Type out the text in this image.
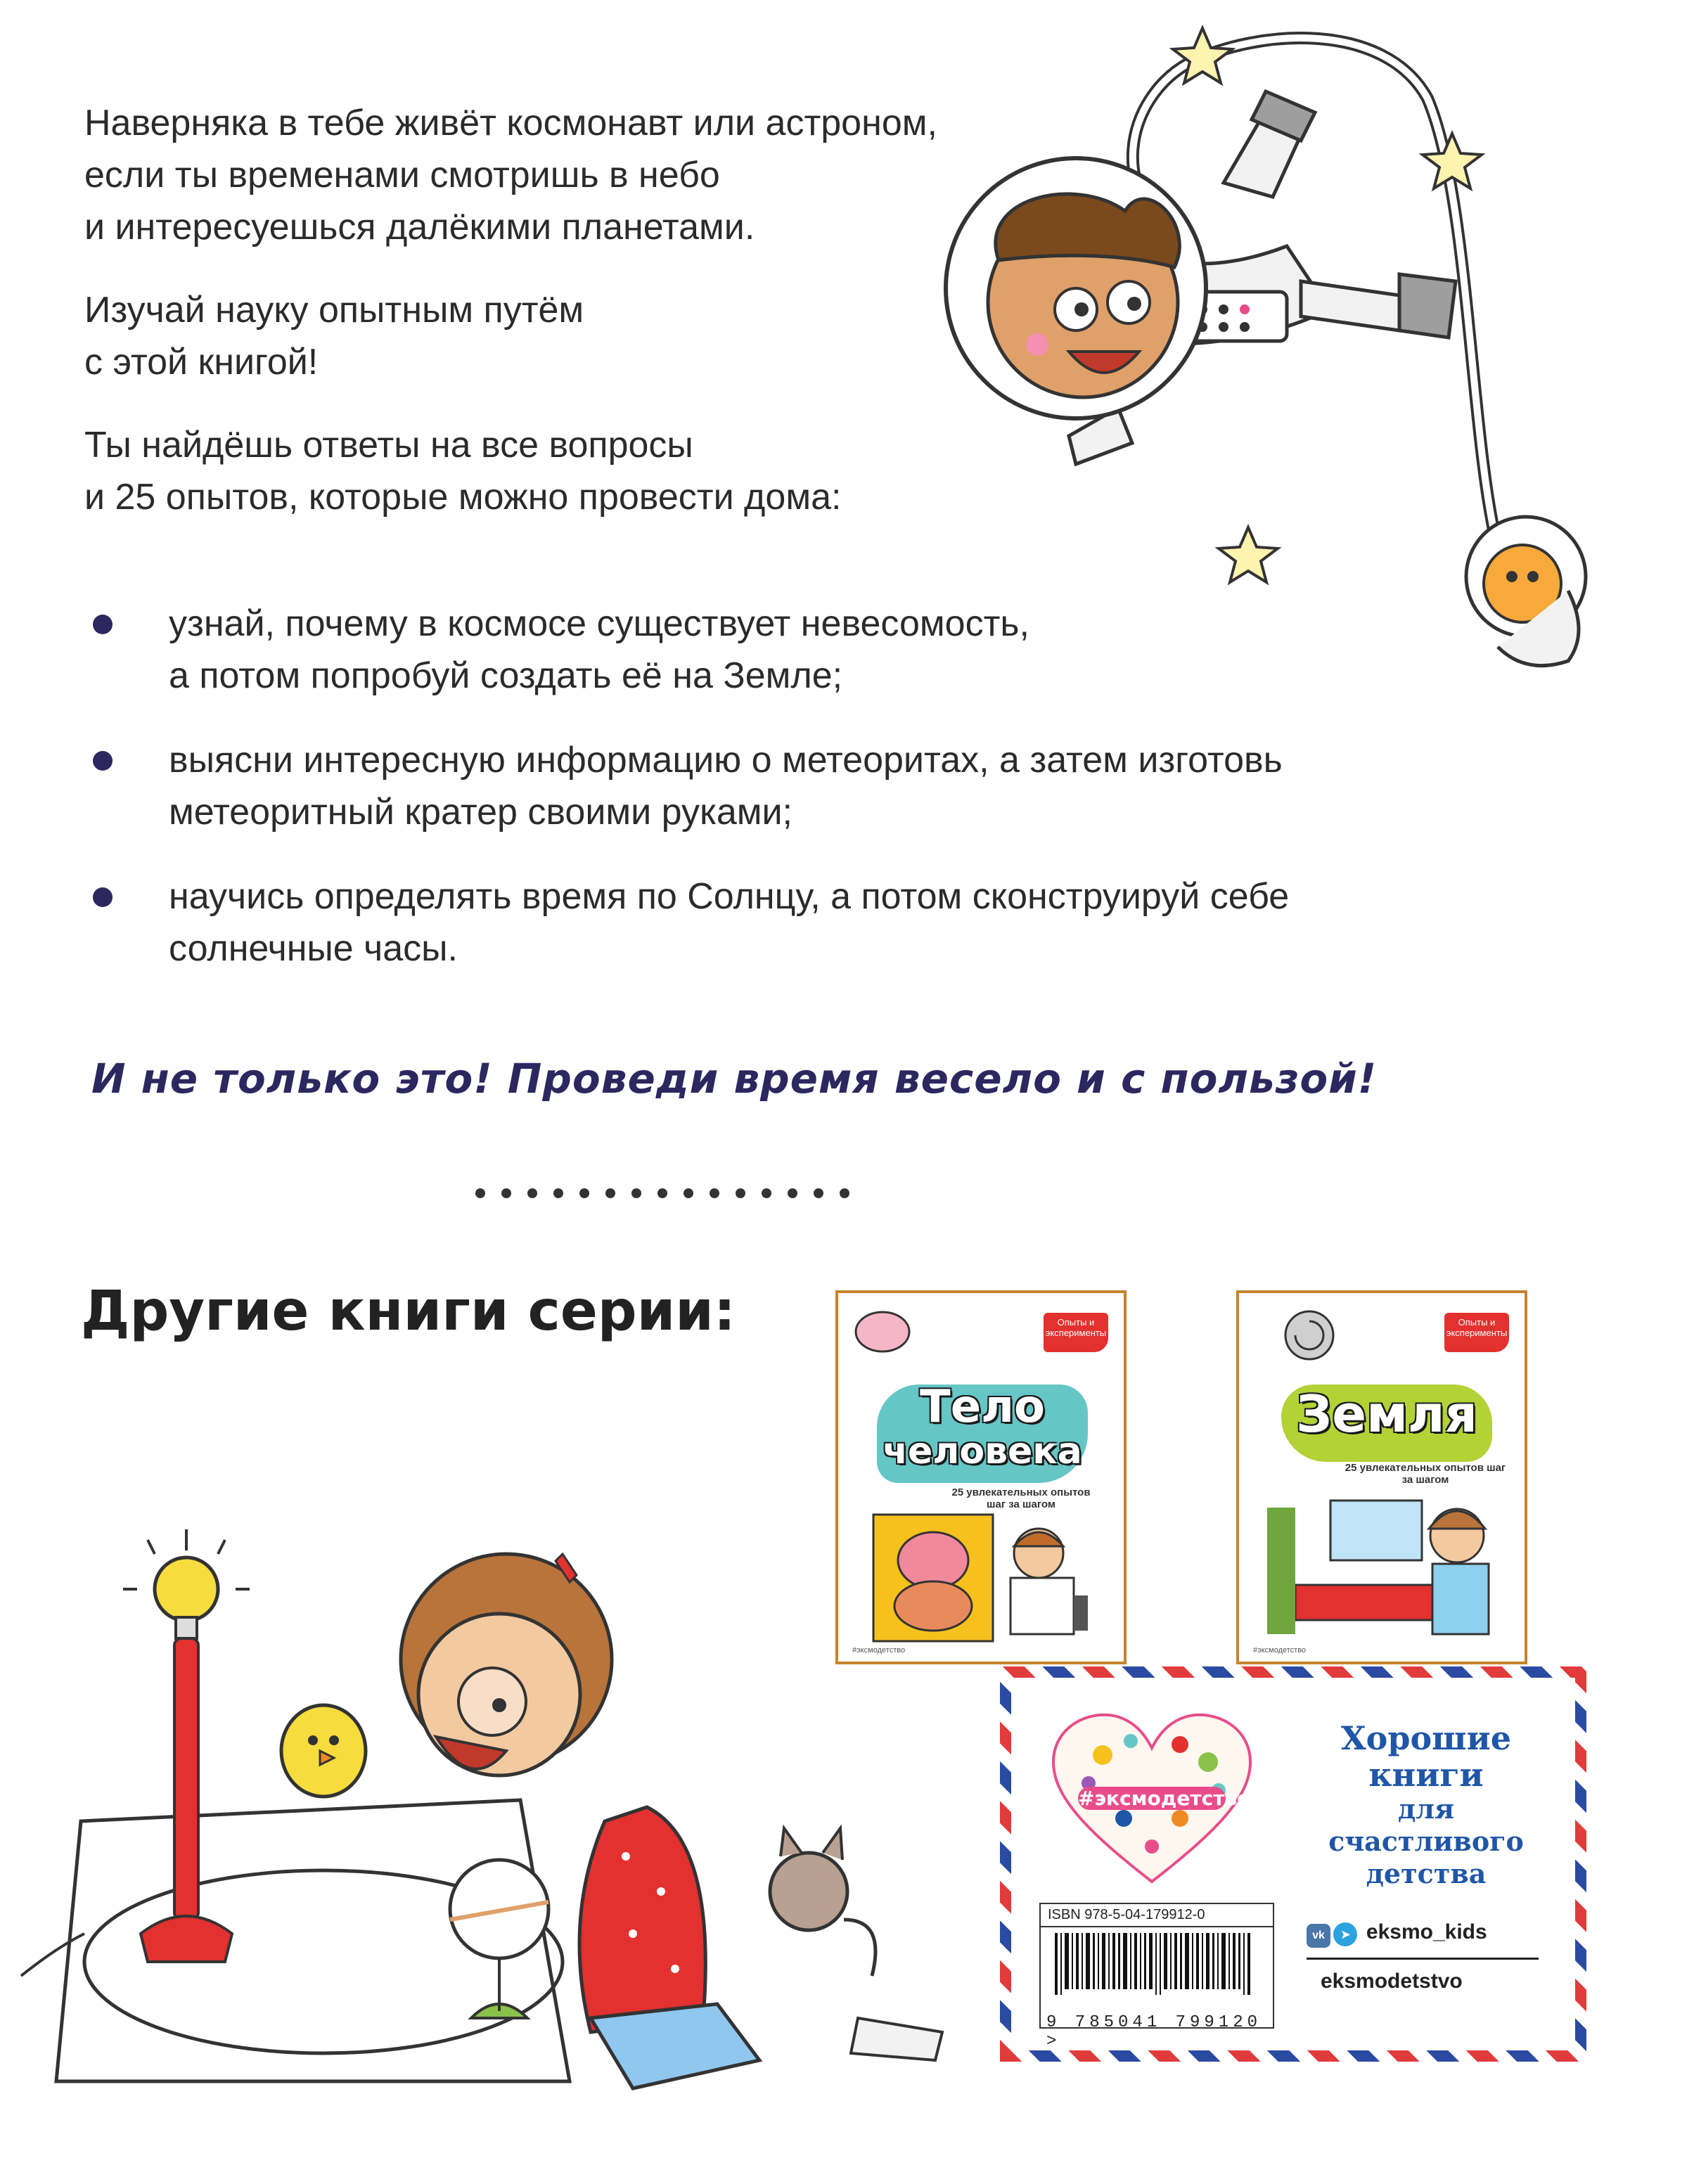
Наверняка в тебе живёт космонавт или астроном,

если ты временами смотришь в небо

и интересуешься далёкими планетами.

Изучай науку опытным путём

с этой книгой!

Ты найдёшь ответы на все вопросы

и 25 опытов, которые можно провести дома:

узнай, почему в космосе существует невесомость,
а потом попробуй создать её на Земле;
выясни интересную информацию о метеоритах, а затем изготовь
метеоритный кратер своими руками;
научись определять время по Солнцу, а потом сконструируй себе
солнечные часы.
И не только это! Проведи время весело и с пользой!
Другие книги серии:	Опыты и эксперименты
Тело
человека
25 увлекательных опытов шаг за шагом
#эксмодетство
Опыты и эксперименты
Земля
25 увлекательных опытов шаг за шагом
#эксмодетство
#эксмодетство
Хорошие
книги
для счастливого
детства
ISBN 978-5-04-179912-0
9 785041 799120 >
vk ➤ eksmo_kids
eksmodetstvo
